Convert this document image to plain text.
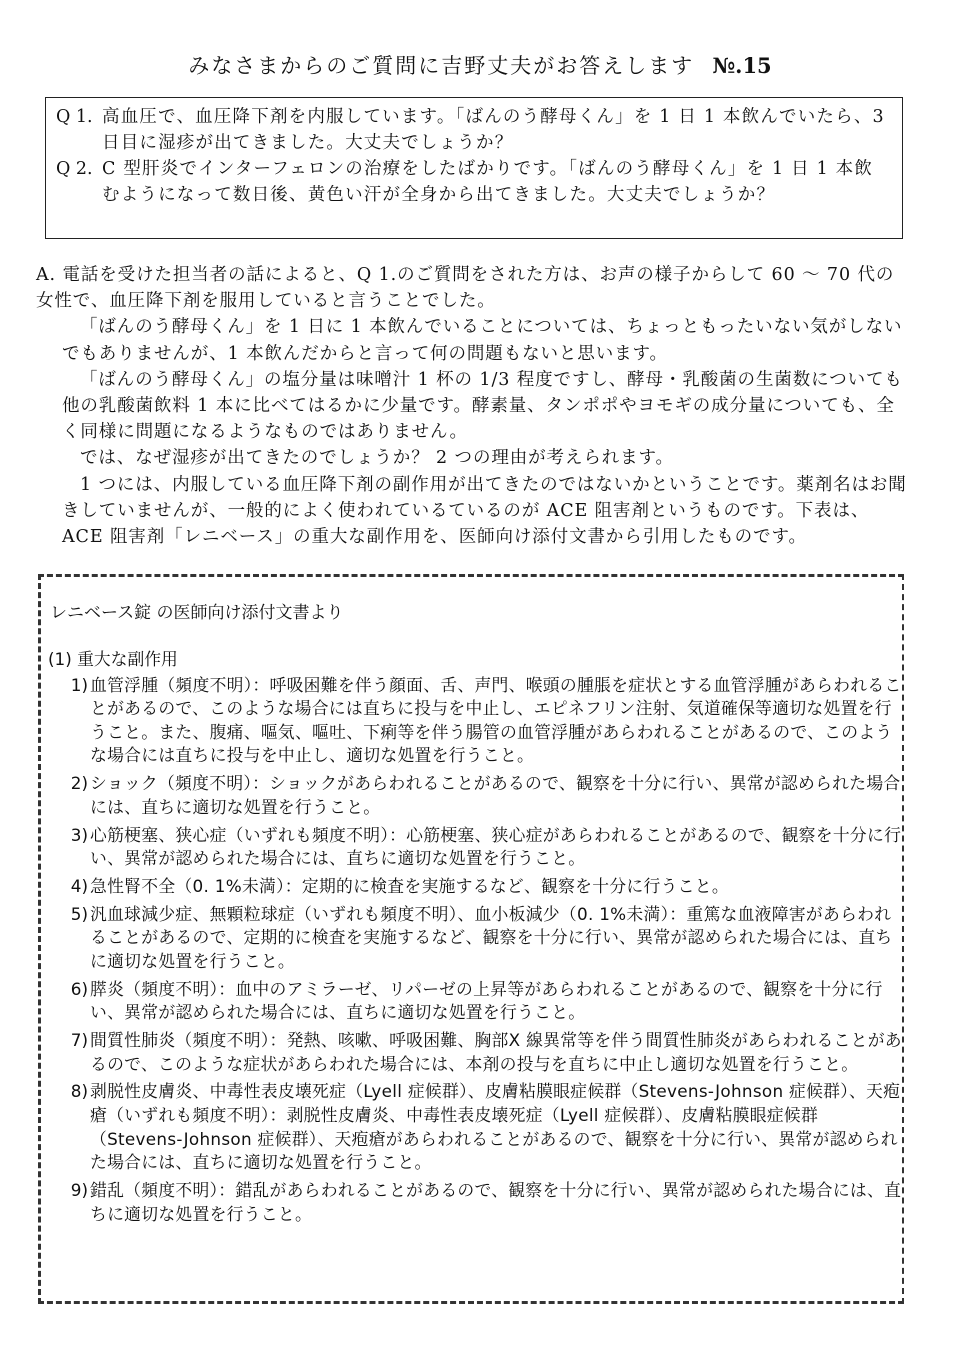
みなさまからのご質問に吉野丈夫がお答えします №.15
Q 1. 高血圧で、血圧降下剤を内服しています。「ばんのう酵母くん」を 1 日 1 本飲んでいたら、3 日目に湿疹が出てきました。大丈夫でしょうか？
Q 2. C 型肝炎でインターフェロンの治療をしたばかりです。「ばんのう酵母くん」を 1 日 1 本飲むようになって数日後、黄色い汗が全身から出てきました。大丈夫でしょうか？

A. 電話を受けた担当者の話によると、Q 1.のご質問をされた方は、お声の様子からして 60 〜 70 代の女性で、血圧降下剤を服用していると言うことでした。

「ばんのう酵母くん」を 1 日に 1 本飲んでいることについては、ちょっともったいない気がしないでもありませんが、1 本飲んだからと言って何の問題もないと思います。

「ばんのう酵母くん」の塩分量は味噌汁 1 杯の 1/3 程度ですし、酵母・乳酸菌の生菌数についても他の乳酸菌飲料 1 本に比べてはるかに少量です。酵素量、タンポポやヨモギの成分量についても、全く同様に問題になるようなものではありません。

では、なぜ湿疹が出てきたのでしょうか？ 2 つの理由が考えられます。

1 つには、内服している血圧降下剤の副作用が出てきたのではないかということです。薬剤名はお聞きしていませんが、一般的によく使われているているのが ACE 阻害剤というものです。下表は、ACE 阻害剤「レニベース」の重大な副作用を、医師向け添付文書から引用したものです。

レニベース錠 の医師向け添付文書より
(1) 重大な副作用
1) 血管浮腫（頻度不明）：呼吸困難を伴う顔面、舌、声門、喉頭の腫脹を症状とする血管浮腫があらわれることがあるので、このような場合には直ちに投与を中止し、エピネフリン注射、気道確保等適切な処置を行うこと。また、腹痛、嘔気、嘔吐、下痢等を伴う腸管の血管浮腫があらわれることがあるので、このような場合には直ちに投与を中止し、適切な処置を行うこと。
2) ショック（頻度不明）：ショックがあらわれることがあるので、観察を十分に行い、異常が認められた場合には、直ちに適切な処置を行うこと。
3) 心筋梗塞、狭心症（いずれも頻度不明）：心筋梗塞、狭心症があらわれることがあるので、観察を十分に行い、異常が認められた場合には、直ちに適切な処置を行うこと。
4) 急性腎不全（0. 1%未満）：定期的に検査を実施するなど、観察を十分に行うこと。
5) 汎血球減少症、無顆粒球症（いずれも頻度不明）、血小板減少（0. 1%未満）：重篤な血液障害があらわれることがあるので、定期的に検査を実施するなど、観察を十分に行い、異常が認められた場合には、直ちに適切な処置を行うこと。
6) 膵炎（頻度不明）：血中のアミラーゼ、リパーゼの上昇等があらわれることがあるので、観察を十分に行い、異常が認められた場合には、直ちに適切な処置を行うこと。
7) 間質性肺炎（頻度不明）：発熱、咳嗽、呼吸困難、胸部X 線異常等を伴う間質性肺炎があらわれることがあるので、このような症状があらわれた場合には、本剤の投与を直ちに中止し適切な処置を行うこと。
8) 剥脱性皮膚炎、中毒性表皮壊死症（Lyell 症候群）、皮膚粘膜眼症候群（Stevens-Johnson 症候群）、天疱瘡（いずれも頻度不明）：剥脱性皮膚炎、中毒性表皮壊死症（Lyell 症候群）、皮膚粘膜眼症候群（Stevens-Johnson 症候群）、天疱瘡があらわれることがあるので、観察を十分に行い、異常が認められた場合には、直ちに適切な処置を行うこと。
9) 錯乱（頻度不明）：錯乱があらわれることがあるので、観察を十分に行い、異常が認められた場合には、直ちに適切な処置を行うこと。
